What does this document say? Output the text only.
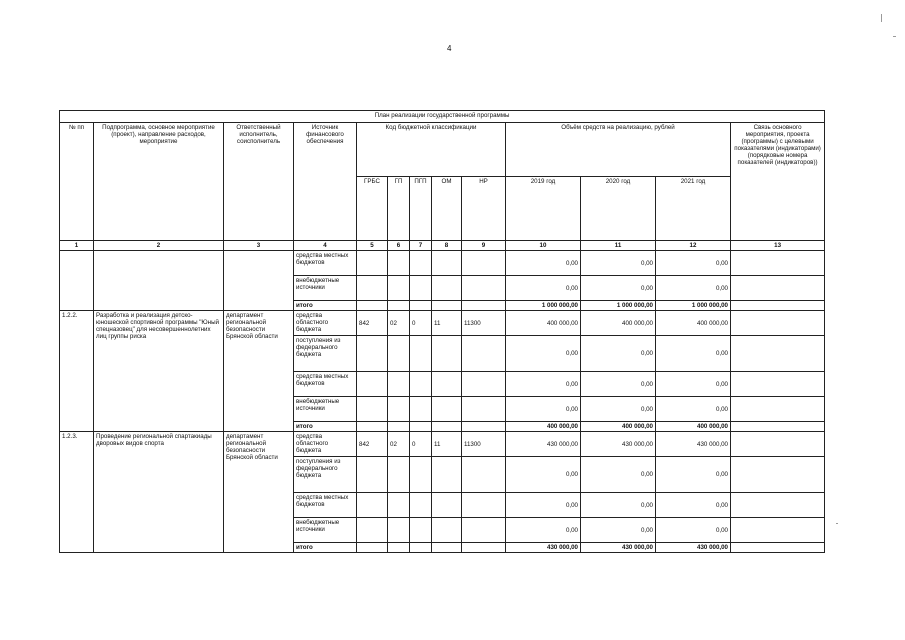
4
План реализации государственной программы												
№ пп	Подпрограмма, основное мероприятие (проект), направление расходов, мероприятие	Ответственный исполнитель, соисполнитель	Источник финансового обеспечения	Код бюджетной классификации					Объём средств на реализацию, рублей			Связь основного мероприятия, проекта (программы) с целевыми показателями (индикаторами) (порядковые номера показателей (индикаторов))
				ГРБС	ГП	ПГП	ОМ	НР	2019 год	2020 год	2021 год	
1	2	3	4	5	6	7	8	9	10	11	12	13
			средства местных бюджетов						0,00	0,00	0,00	
			внебюджетные источники						0,00	0,00	0,00	
			итого						1 000 000,00	1 000 000,00	1 000 000,00	
1.2.2.	Разработка и реализация детско-юношеской спортивной программы "Юный спецназовец" для несовершеннолетних лиц группы риска	департамент региональной безопасности Брянской области	средства областного бюджета	842	02	0	11	11300	400 000,00	400 000,00	400 000,00	
			поступления из федерального бюджета						0,00	0,00	0,00	
			средства местных бюджетов						0,00	0,00	0,00	
			внебюджетные источники						0,00	0,00	0,00	
			итого						400 000,00	400 000,00	400 000,00	
1.2.3.	Проведение региональной спартакиады дворовых видов спорта	департамент региональной безопасности Брянской области	средства областного бюджета	842	02	0	11	11300	430 000,00	430 000,00	430 000,00	
			поступления из федерального бюджета						0,00	0,00	0,00	
			средства местных бюджетов						0,00	0,00	0,00	
			внебюджетные источники						0,00	0,00	0,00	
			итого						430 000,00	430 000,00	430 000,00	
